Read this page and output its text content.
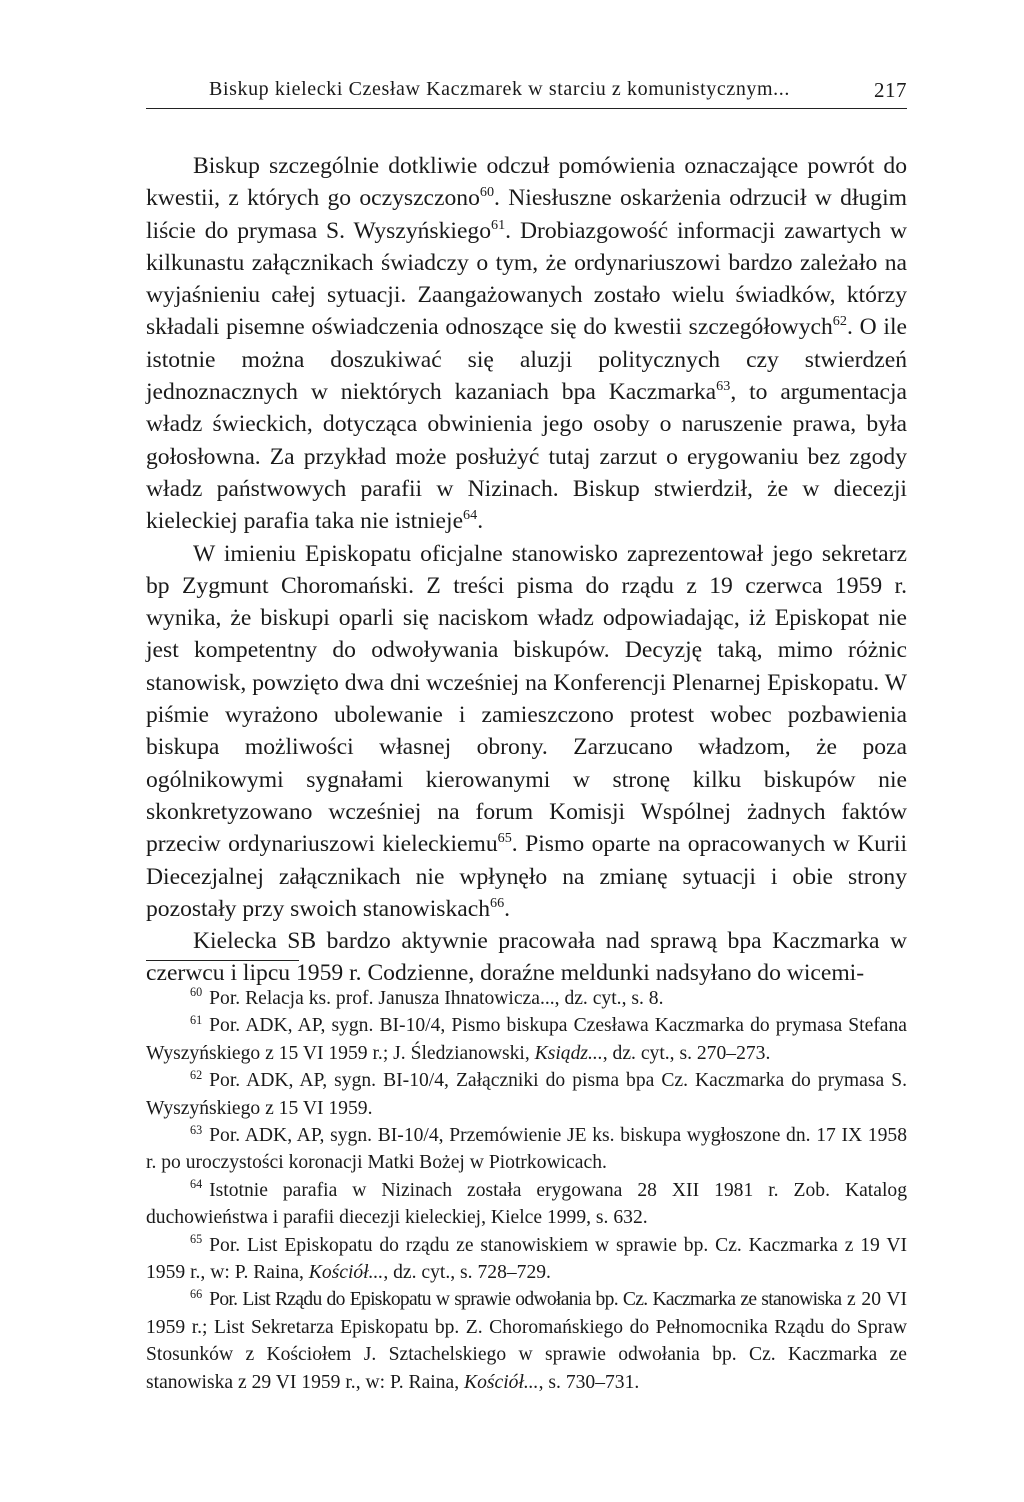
Biskup kielecki Czesław Kaczmarek w starciu z komunistycznym...	217

Biskup szczególnie dotkliwie odczuł pomówienia oznaczające powrót do kwestii, z których go oczyszczono$^{60}$. Niesłuszne oskarżenia odrzucił w długim liście do prymasa S. Wyszyńskiego$^{61}$. Drobiazgowość informacji zawartych w kilkunastu załącznikach świadczy o tym, że ordynariuszowi bardzo zależało na wyjaśnieniu całej sytuacji. Zaangażowanych zostało wielu świadków, którzy składali pisemne oświadczenia odnoszące się do kwestii szczegółowych$^{62}$. O ile istotnie można doszukiwać się aluzji politycznych czy stwierdzeń jednoznacznych w niektórych kazaniach bpa Kaczmarka$^{63}$, to argumentacja władz świeckich, dotycząca obwinienia jego osoby o naruszenie prawa, była gołosłowna. Za przykład może posłużyć tutaj zarzut o erygowaniu bez zgody władz państwowych parafii w Nizinach. Biskup stwierdził, że w diecezji kieleckiej parafia taka nie istnieje$^{64}$.

W imieniu Episkopatu oficjalne stanowisko zaprezentował jego sekretarz bp Zygmunt Choromański. Z treści pisma do rządu z 19 czerwca 1959 r. wynika, że biskupi oparli się naciskom władz odpowiadając, iż Episkopat nie jest kompetentny do odwoływania biskupów. Decyzję taką, mimo różnic stanowisk, powzięto dwa dni wcześniej na Konferencji Plenarnej Episkopatu. W piśmie wyrażono ubolewanie i zamieszczono protest wobec pozbawienia biskupa możliwości własnej obrony. Zarzucano władzom, że poza ogólnikowymi sygnałami kierowanymi w stronę kilku biskupów nie skonkretyzowano wcześniej na forum Komisji Wspólnej żadnych faktów przeciw ordynariuszowi kieleckiemu$^{65}$. Pismo oparte na opracowanych w Kurii Diecezjalnej załącznikach nie wpłynęło na zmianę sytuacji i obie strony pozostały przy swoich stanowiskach$^{66}$.

Kielecka SB bardzo aktywnie pracowała nad sprawą bpa Kaczmarka w czerwcu i lipcu 1959 r. Codzienne, doraźne meldunki nadsyłano do wicemi-

$^{60}$ Por. Relacja ks. prof. Janusza Ihnatowicza..., dz. cyt., s. 8.

$^{61}$ Por. ADK, AP, sygn. BI-10/4, Pismo biskupa Czesława Kaczmarka do prymasa Stefana Wyszyńskiego z 15 VI 1959 r.; J. Śledzianowski, Ksiądz..., dz. cyt., s. 270–273.

$^{62}$ Por. ADK, AP, sygn. BI-10/4, Załączniki do pisma bpa Cz. Kaczmarka do prymasa S. Wyszyńskiego z 15 VI 1959.

$^{63}$ Por. ADK, AP, sygn. BI-10/4, Przemówienie JE ks. biskupa wygłoszone dn. 17 IX 1958 r. po uroczystości koronacji Matki Bożej w Piotrkowicach.

$^{64}$ Istotnie parafia w Nizinach została erygowana 28 XII 1981 r. Zob. Katalog duchowieństwa i parafii diecezji kieleckiej, Kielce 1999, s. 632.

$^{65}$ Por. List Episkopatu do rządu ze stanowiskiem w sprawie bp. Cz. Kaczmarka z 19 VI 1959 r., w: P. Raina, Kościół..., dz. cyt., s. 728–729.

$^{66}$ Por. List Rządu do Episkopatu w sprawie odwołania bp. Cz. Kaczmarka ze stanowiska z 20 VI 1959 r.; List Sekretarza Episkopatu bp. Z. Choromańskiego do Pełnomocnika Rządu do Spraw Stosunków z Kościołem J. Sztachelskiego w sprawie odwołania bp. Cz. Kaczmarka ze stanowiska z 29 VI 1959 r., w: P. Raina, Kościół..., s. 730–731.
